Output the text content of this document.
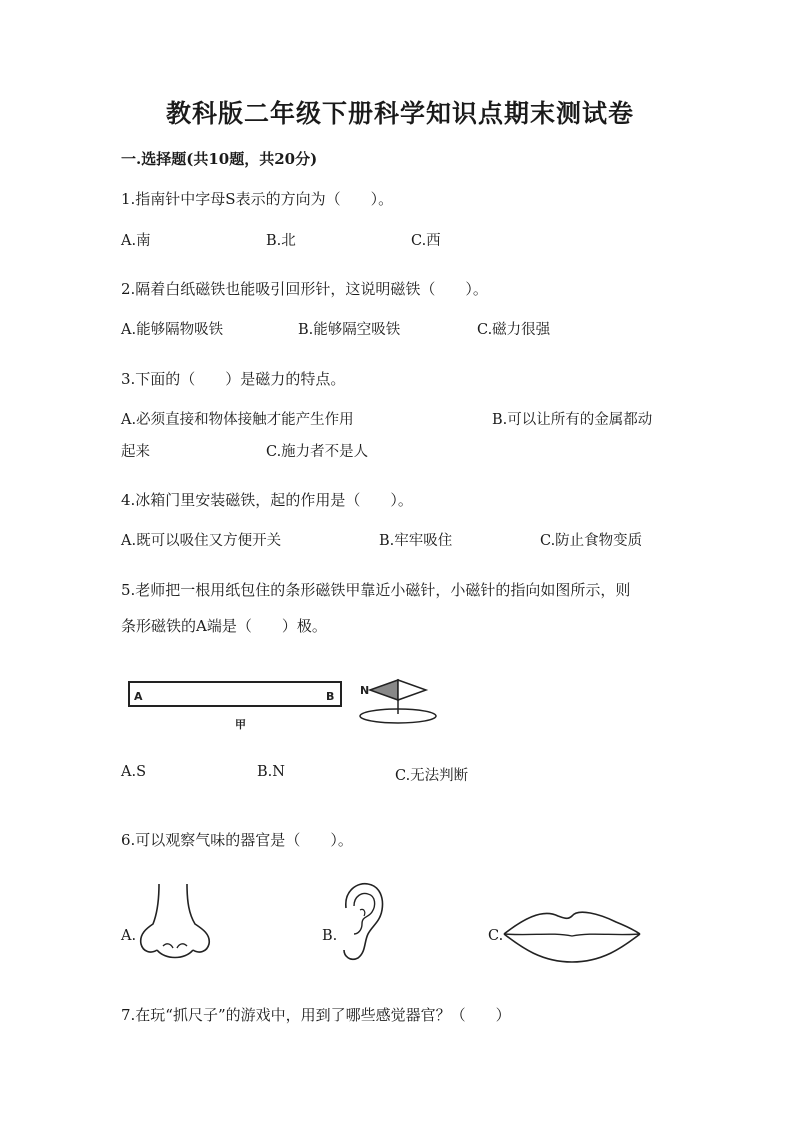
教科版二年级下册科学知识点期末测试卷
一.选择题(共10题，共20分)
1.指南针中字母S表示的方向为（　　）。
A.南	B.北	C.西
2.隔着白纸磁铁也能吸引回形针，这说明磁铁（　　）。
A.能够隔物吸铁	B.能够隔空吸铁	C.磁力很强
3.下面的（　　）是磁力的特点。
A.必须直接和物体接触才能产生作用	B.可以让所有的金属都动
起来	C.施力者不是人
4.冰箱门里安装磁铁，起的作用是（　　）。
A.既可以吸住又方便开关	B.牢牢吸住	C.防止食物变质
5.老师把一根用纸包住的条形磁铁甲靠近小磁针，小磁针的指向如图所示，则
条形磁铁的A端是（　　）极。
A	B
甲
N
A.S	B.N	C.无法判断
6.可以观察气味的器官是（　　）。
A.	B.	C.
7.在玩“抓尺子”的游戏中，用到了哪些感觉器官？（　　）
